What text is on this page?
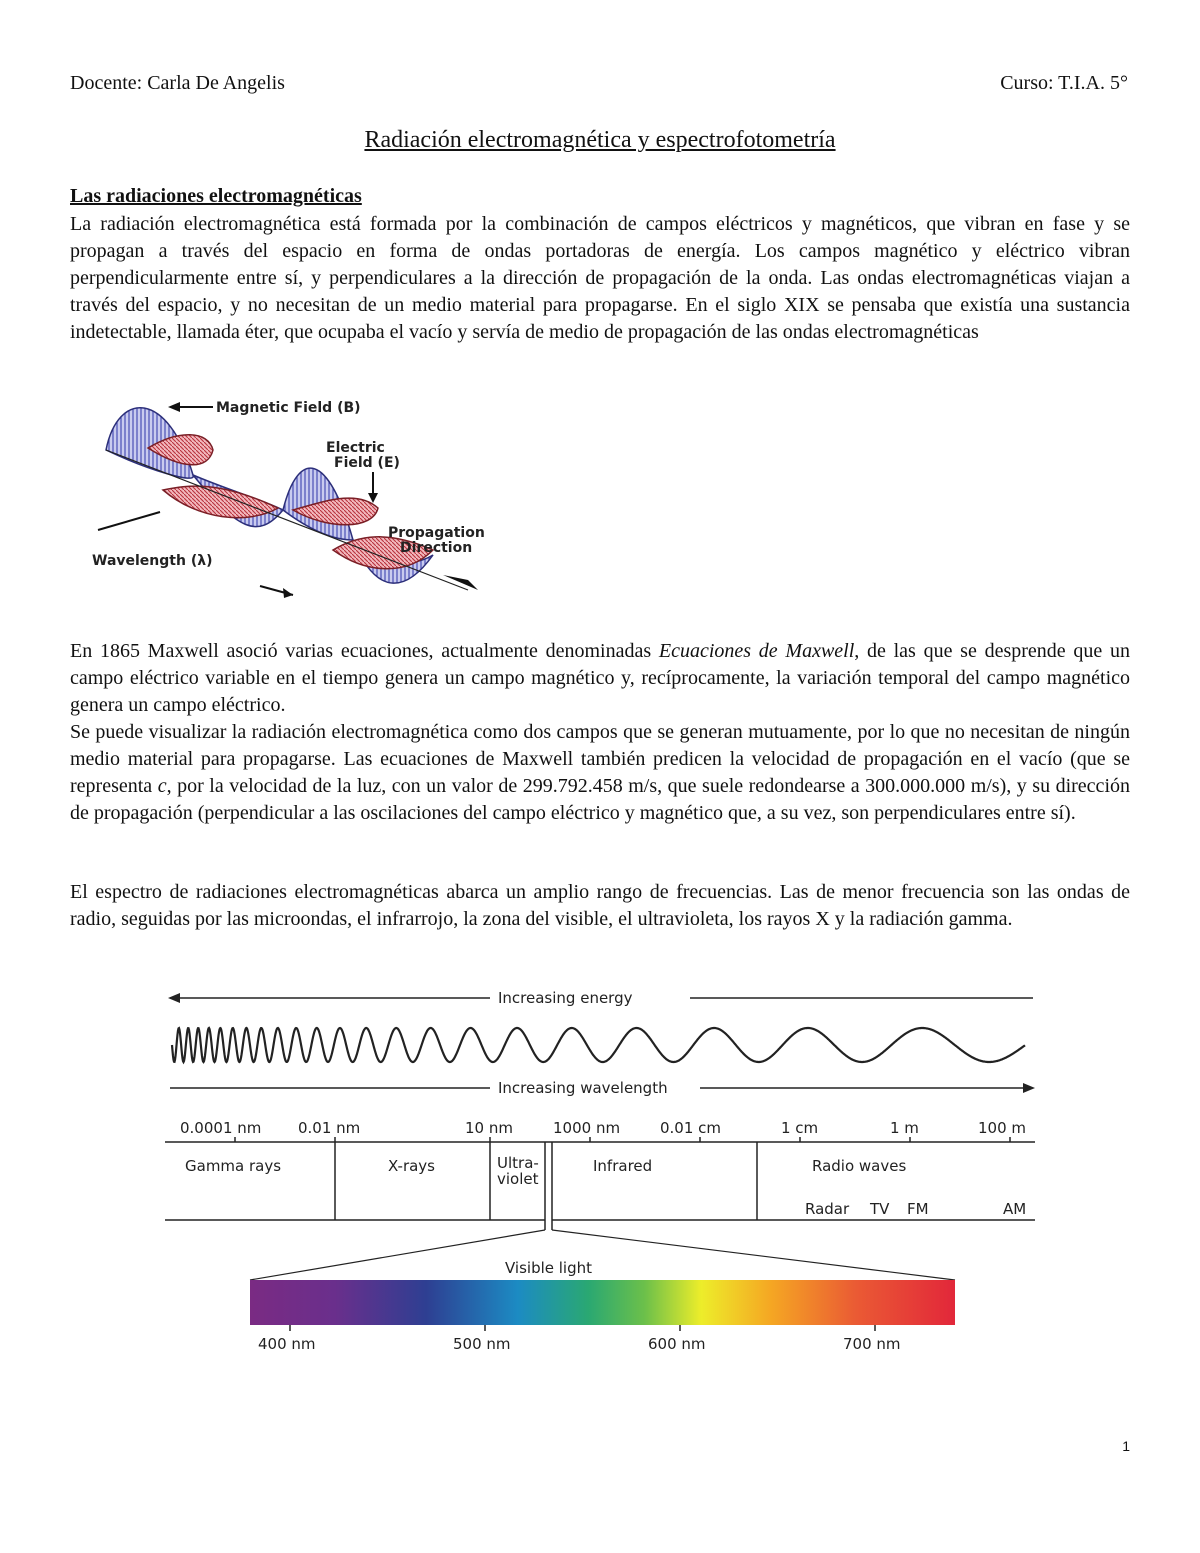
Docente: Carla De Angelis	Curso: T.I.A. 5°
Radiación electromagnética y espectrofotometría
Las radiaciones electromagnéticas

La radiación electromagnética está formada por la combinación de campos eléctricos y magnéticos, que vibran en fase y se propagan a través del espacio en forma de ondas portadoras de energía. Los campos magnético y eléctrico vibran perpendicularmente entre sí, y perpendiculares a la dirección de propagación de la onda. Las ondas electromagnéticas viajan a través del espacio, y no necesitan de un medio material para propagarse. En el siglo XIX se pensaba que existía una sustancia indetectable, llamada éter, que ocupaba el vacío y servía de medio de propagación de las ondas electromagnéticas

Magnetic Field (B)
Electric
Field (E)
Propagation
Direction
Wavelength (λ)

En 1865 Maxwell asoció varias ecuaciones, actualmente denominadas Ecuaciones de Maxwell, de las que se desprende que un campo eléctrico variable en el tiempo genera un campo magnético y, recíprocamente, la variación temporal del campo magnético genera un campo eléctrico.

Se puede visualizar la radiación electromagnética como dos campos que se generan mutuamente, por lo que no necesitan de ningún medio material para propagarse. Las ecuaciones de Maxwell también predicen la velocidad de propagación en el vacío (que se representa c, por la velocidad de la luz, con un valor de 299.792.458 m/s, que suele redondearse a 300.000.000 m/s), y su dirección de propagación (perpendicular a las oscilaciones del campo eléctrico y magnético que, a su vez, son perpendiculares entre sí).

El espectro de radiaciones electromagnéticas abarca un amplio rango de frecuencias. Las de menor frecuencia son las ondas de radio, seguidas por las microondas, el infrarrojo, la zona del visible, el ultravioleta, los rayos X y la radiación gamma.

Increasing energy
Increasing wavelength
0.0001 nm 0.01 nm	10 nm	1000 nm	0.01 cm	1 cm	1 m	100 m
Gamma rays	X-rays	Ultra-
violet
Infrared	Radio waves
Radar TV FM	AM
Visible light
400 nm	500 nm	600 nm	700 nm
1
